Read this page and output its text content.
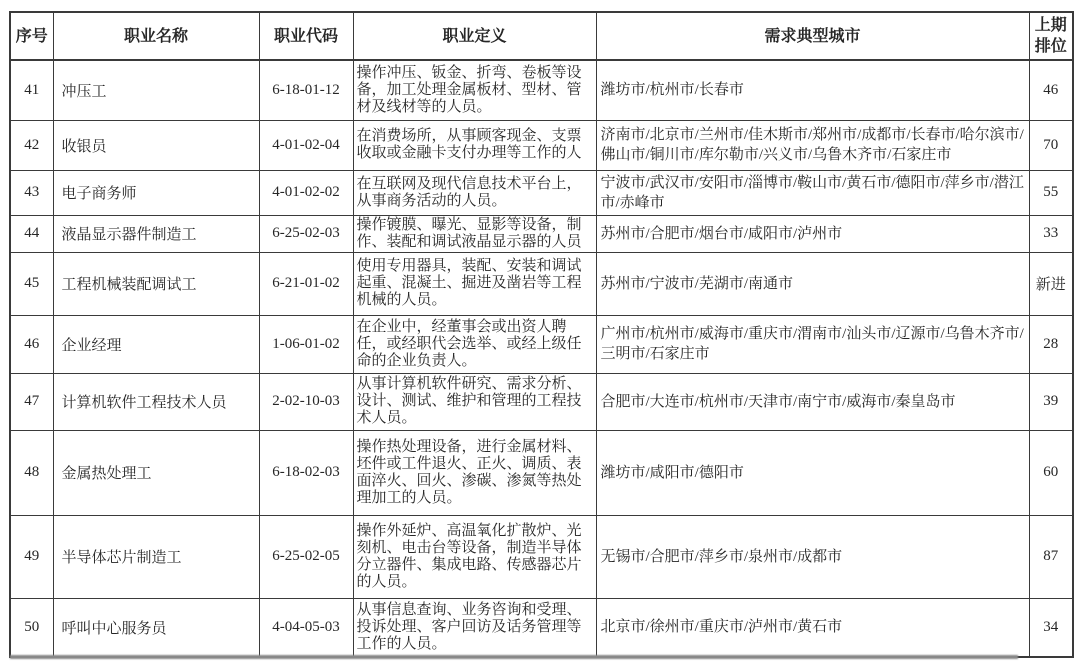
序号	职业名称	职业代码	职业定义	需求典型城市	上期排位
41	冲压工	6-18-01-12	操作冲压、钣金、折弯、卷板等设备，加工处理金属板材、型材、管材及线材等的人员。	潍坊市/杭州市/长春市	46
42	收银员	4-01-02-04	在消费场所，从事顾客现金、支票收取或金融卡支付办理等工作的人	济南市/北京市/兰州市/佳木斯市/郑州市/成都市/长春市/哈尔滨市/佛山市/铜川市/库尔勒市/兴义市/乌鲁木齐市/石家庄市	70
43	电子商务师	4-01-02-02	在互联网及现代信息技术平台上，从事商务活动的人员。	宁波市/武汉市/安阳市/淄博市/鞍山市/黄石市/德阳市/萍乡市/潜江市/赤峰市	55
44	液晶显示器件制造工	6-25-02-03	操作镀膜、曝光、显影等设备，制作、装配和调试液晶显示器的人员	苏州市/合肥市/烟台市/咸阳市/泸州市	33
45	工程机械装配调试工	6-21-01-02	使用专用器具，装配、安装和调试起重、混凝土、掘进及凿岩等工程机械的人员。	苏州市/宁波市/芜湖市/南通市	新进
46	企业经理	1-06-01-02	在企业中，经董事会或出资人聘任，或经职代会选举、或经上级任命的企业负责人。	广州市/杭州市/威海市/重庆市/渭南市/汕头市/辽源市/乌鲁木齐市/三明市/石家庄市	28
47	计算机软件工程技术人员	2-02-10-03	从事计算机软件研究、需求分析、设计、测试、维护和管理的工程技术人员。	合肥市/大连市/杭州市/天津市/南宁市/威海市/秦皇岛市	39
48	金属热处理工	6-18-02-03	操作热处理设备，进行金属材料、坯件或工件退火、正火、调质、表面淬火、回火、渗碳、渗氮等热处理加工的人员。	潍坊市/咸阳市/德阳市	60
49	半导体芯片制造工	6-25-02-05	操作外延炉、高温氧化扩散炉、光刻机、电击台等设备，制造半导体分立器件、集成电路、传感器芯片的人员。	无锡市/合肥市/萍乡市/泉州市/成都市	87
50	呼叫中心服务员	4-04-05-03	从事信息查询、业务咨询和受理、投诉处理、客户回访及话务管理等工作的人员。	北京市/徐州市/重庆市/泸州市/黄石市	34
